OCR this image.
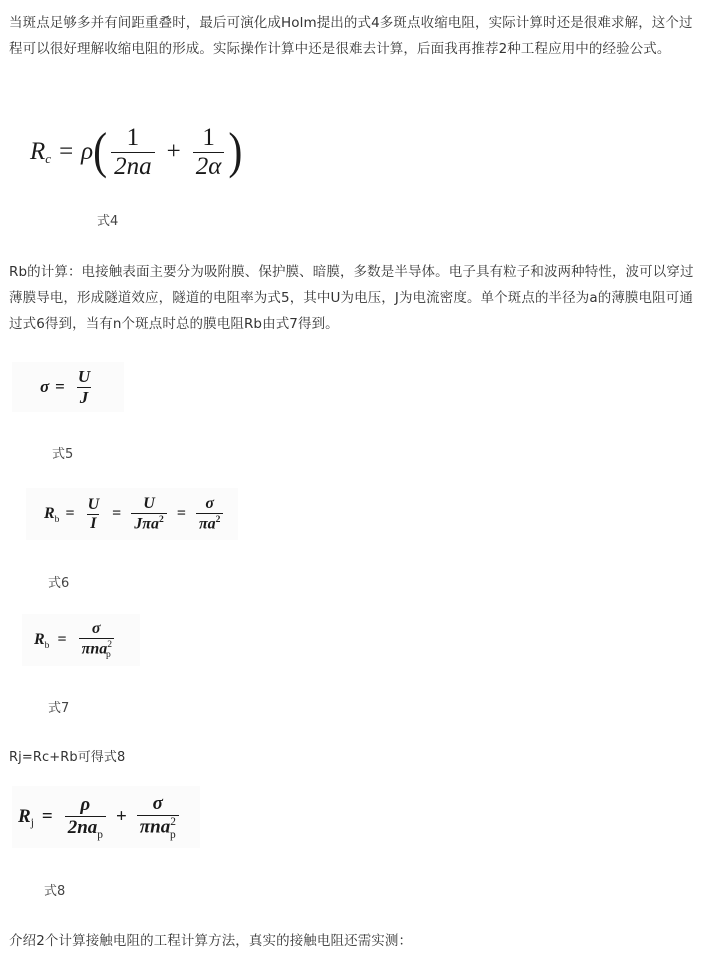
当斑点足够多并有间距重叠时，最后可演化成Holm提出的式4多斑点收缩电阻，实际计算时还是很难求解，这个过程可以很好理解收缩电阻的形成。实际操作计算中还是很难去计算，后面我再推荐2种工程应用中的经验公式。

$R_c = \rho$ ( $\frac{1}{2na} + \frac{1}{2\alpha}$ )
式4

Rb的计算：电接触表面主要分为吸附膜、保护膜、暗膜，多数是半导体。电子具有粒子和波两种特性，波可以穿过薄膜导电，形成隧道效应，隧道的电阻率为式5，其中U为电压，J为电流密度。单个斑点的半径为a的薄膜电阻可通过式6得到，当有n个斑点时总的膜电阻Rb由式7得到。

$\sigma = \frac{U}{J}$
式5
$R_b = \frac{U}{I} = \frac{U}{J\pi a^2} = \frac{\sigma}{\pi a^2}$
式6
$R_b = \frac{\sigma}{\pi na^2_p}$
式7

Rj=Rc+Rb可得式8

$R_j = \frac{\rho}{2na_p} + \frac{\sigma}{\pi na^2_p}$
式8

介绍2个计算接触电阻的工程计算方法，真实的接触电阻还需实测：
